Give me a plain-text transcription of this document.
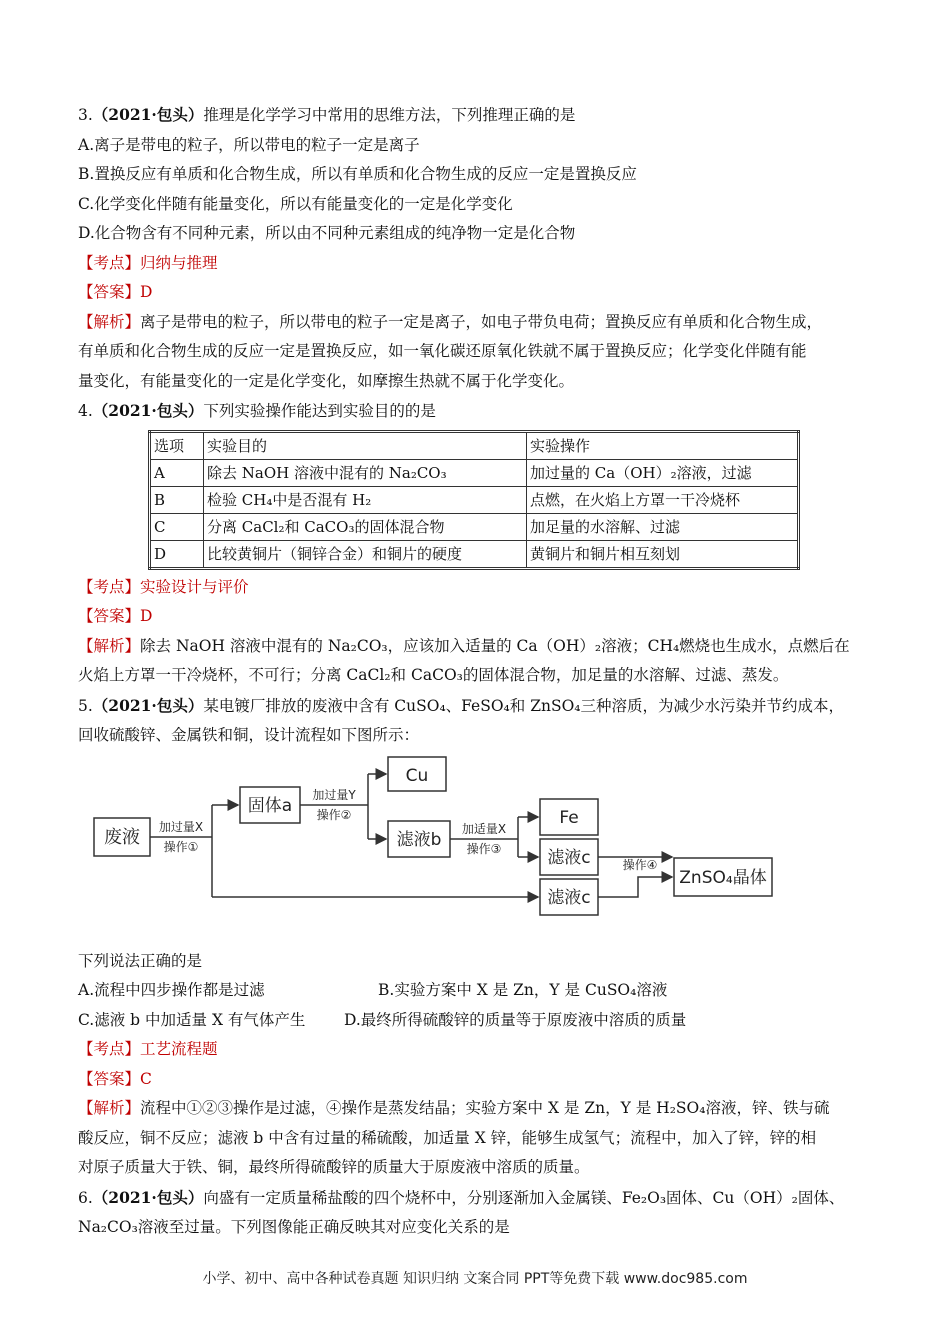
3.（2021·包头）推理是化学学习中常用的思维方法，下列推理正确的是
A.离子是带电的粒子，所以带电的粒子一定是离子
B.置换反应有单质和化合物生成，所以有单质和化合物生成的反应一定是置换反应
C.化学变化伴随有能量变化，所以有能量变化的一定是化学变化
D.化合物含有不同种元素，所以由不同种元素组成的纯净物一定是化合物
【考点】归纳与推理
【答案】D
【解析】离子是带电的粒子，所以带电的粒子一定是离子，如电子带负电荷；置换反应有单质和化合物生成，
有单质和化合物生成的反应一定是置换反应，如一氧化碳还原氧化铁就不属于置换反应；化学变化伴随有能
量变化，有能量变化的一定是化学变化，如摩擦生热就不属于化学变化。
4.（2021·包头）下列实验操作能达到实验目的的是
选项	实验目的	实验操作
A	除去 NaOH 溶液中混有的 Na₂CO₃	加过量的 Ca（OH）₂溶液，过滤
B	检验 CH₄中是否混有 H₂	点燃，在火焰上方罩一干冷烧杯
C	分离 CaCl₂和 CaCO₃的固体混合物	加足量的水溶解、过滤
D	比较黄铜片（铜锌合金）和铜片的硬度	黄铜片和铜片相互刻划
【考点】实验设计与评价
【答案】D
【解析】除去 NaOH 溶液中混有的 Na₂CO₃，应该加入适量的 Ca（OH）₂溶液；CH₄燃烧也生成水，点燃后在
火焰上方罩一干冷烧杯，不可行；分离 CaCl₂和 CaCO₃的固体混合物，加足量的水溶解、过滤、蒸发。
5.（2021·包头）某电镀厂排放的废液中含有 CuSO₄、FeSO₄和 ZnSO₄三种溶质，为减少水污染并节约成本，
回收硫酸锌、金属铁和铜，设计流程如下图所示：
废液
固体a
Cu
滤液b
Fe
滤液c
滤液c
ZnSO₄晶体
加过量X
操作①
加过量Y
操作②
加适量X
操作③
操作④
下列说法正确的是
A.流程中四步操作都是过滤	B.实验方案中 X 是 Zn，Y 是 CuSO₄溶液
C.滤液 b 中加适量 X 有气体产生 D.最终所得硫酸锌的质量等于原废液中溶质的质量
【考点】工艺流程题
【答案】C
【解析】流程中①②③操作是过滤，④操作是蒸发结晶；实验方案中 X 是 Zn，Y 是 H₂SO₄溶液，锌、铁与硫
酸反应，铜不反应；滤液 b 中含有过量的稀硫酸，加适量 X 锌，能够生成氢气；流程中，加入了锌，锌的相
对原子质量大于铁、铜，最终所得硫酸锌的质量大于原废液中溶质的质量。
6.（2021·包头）向盛有一定质量稀盐酸的四个烧杯中，分别逐渐加入金属镁、Fe₂O₃固体、Cu（OH）₂固体、
Na₂CO₃溶液至过量。下列图像能正确反映其对应变化关系的是
小学、初中、高中各种试卷真题 知识归纳 文案合同 PPT等免费下载 www.doc985.com
